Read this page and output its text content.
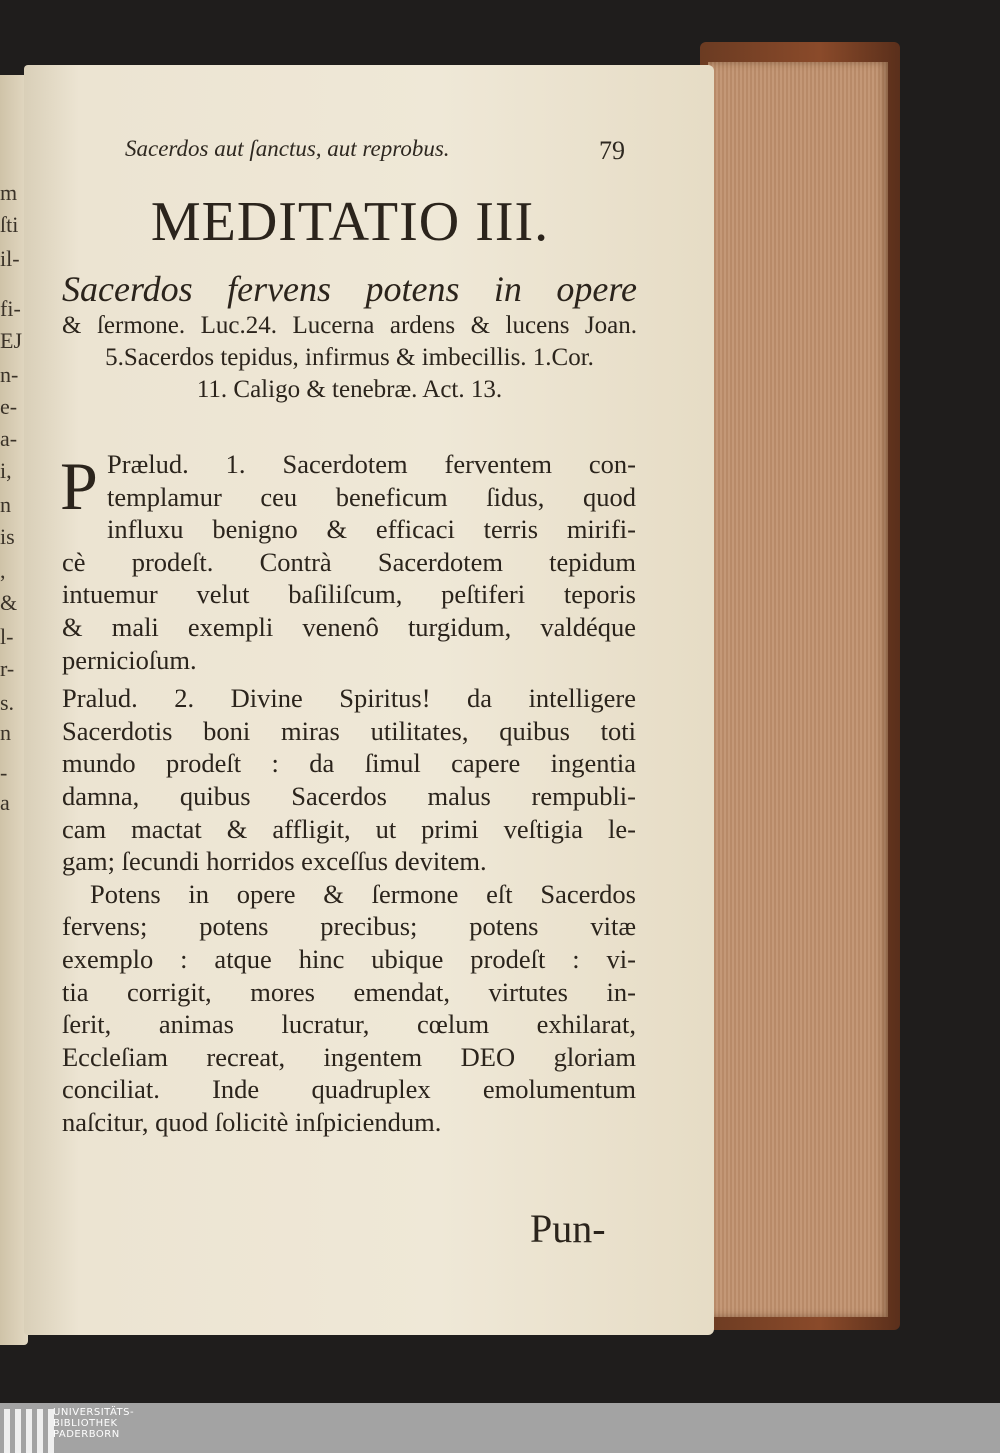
Sacerdos aut ſanctus, aut reprobus.	79
MEDITATIO III.
Sacerdos fervens potens in opere
& ſermone. Luc.24. Lucerna ardens & lucens Joan.
5.Sacerdos tepidus, infirmus & imbecillis. 1.Cor.
11. Caligo & tenebræ. Act. 13.
P Prælud. 1. Sacerdotem ferventem con-
templamur ceu beneficum ſidus, quod
influxu benigno & efficaci terris mirifi-
cè prodeſt. Contrà Sacerdotem tepidum
intuemur velut baſiliſcum, peſtiferi teporis
& mali exempli venenô turgidum, valdéque
pernicioſum.
Pralud. 2. Divine Spiritus! da intelligere
Sacerdotis boni miras utilitates, quibus toti
mundo prodeſt : da ſimul capere ingentia
damna, quibus Sacerdos malus rempubli-
cam mactat & affligit, ut primi veſtigia le-
gam; ſecundi horridos exceſſus devitem.
Potens in opere & ſermone eſt Sacerdos
fervens; potens precibus; potens vitæ
exemplo : atque hinc ubique prodeſt : vi-
tia corrigit, mores emendat, virtutes in-
ſerit, animas lucratur, cœlum exhilarat,
Eccleſiam recreat, ingentem DEO gloriam
conciliat. Inde quadruplex emolumentum
naſcitur, quod ſolicitè inſpiciendum.
Pun-
UNIVERSITÄTS-
BIBLIOTHEK
PADERBORN
m
ſti
il-
fi-
EJ
n-
e-
a-
i,
n
is
,
&
l-
r-
s.
n
-
a
